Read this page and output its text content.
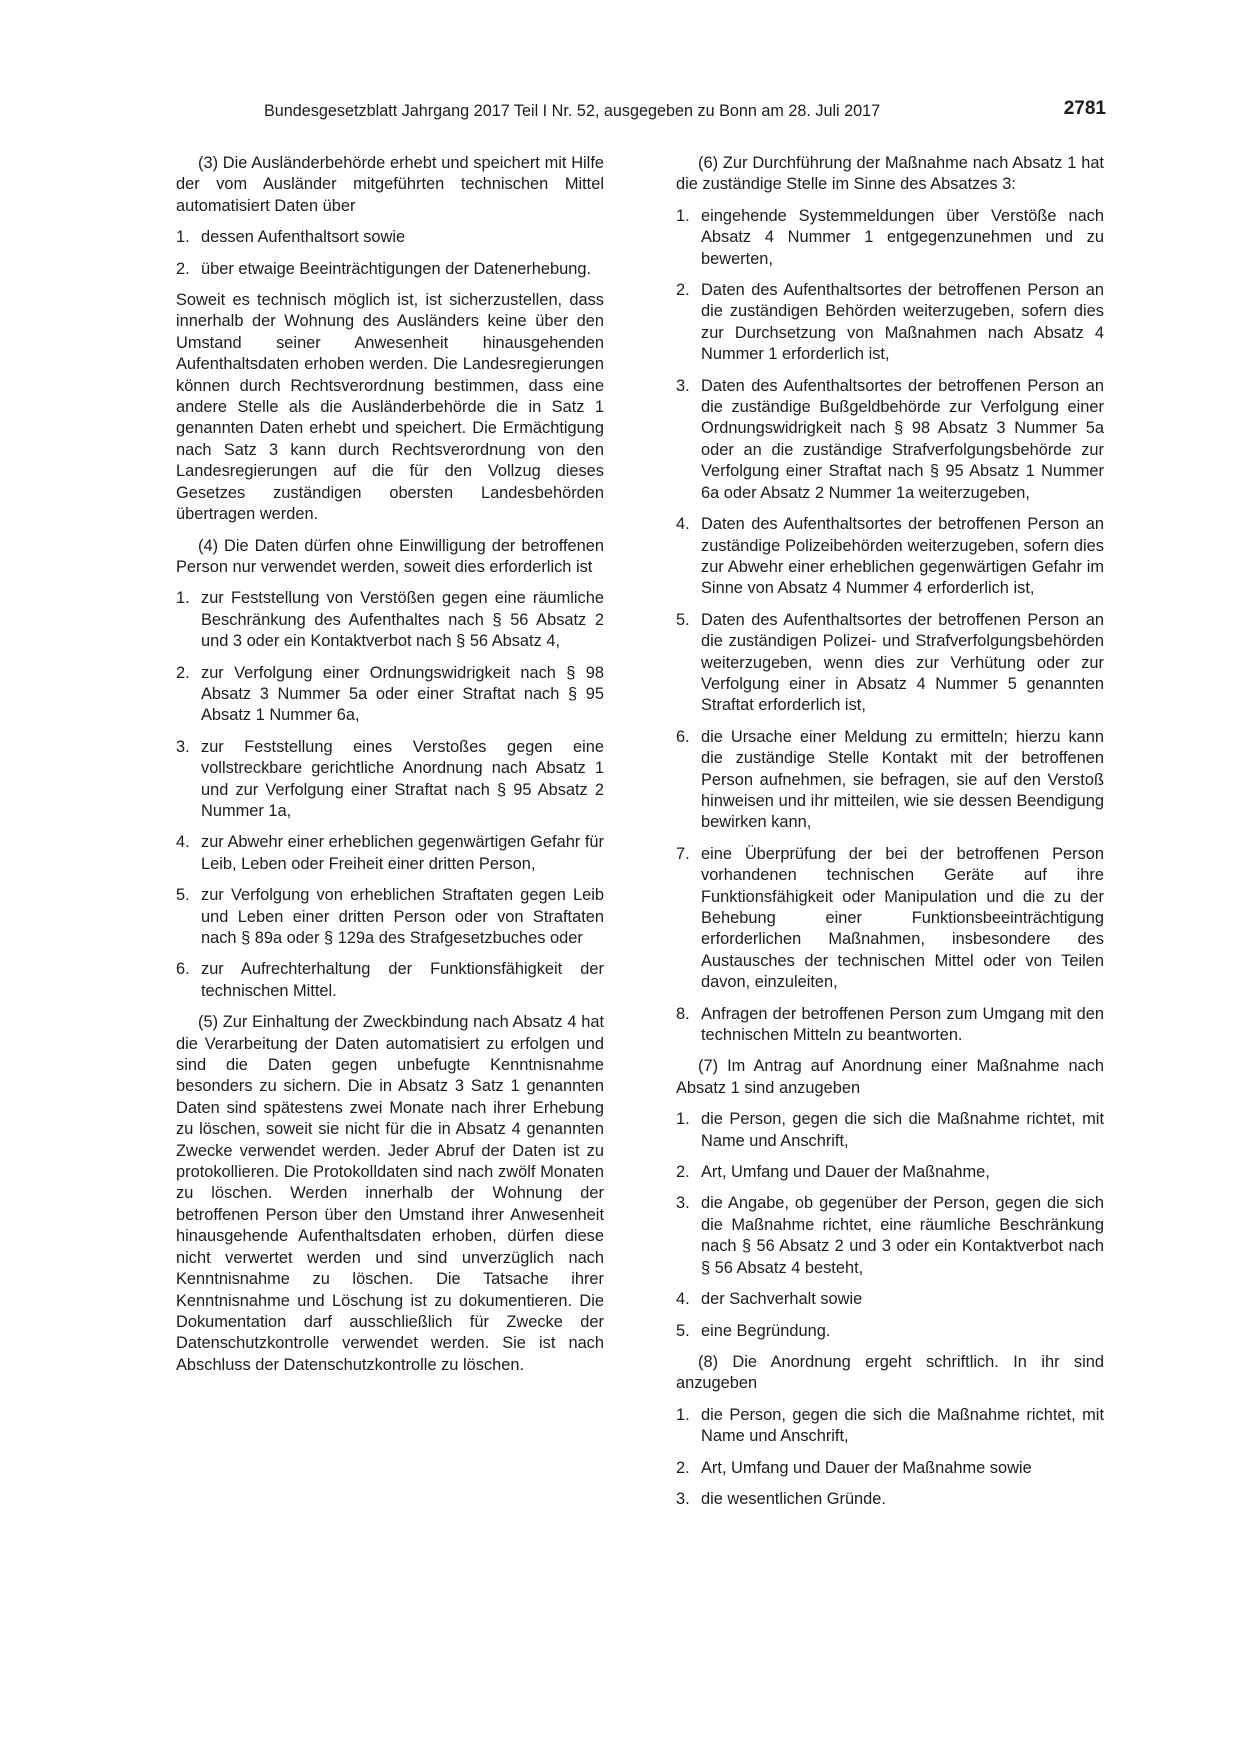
Bundesgesetzblatt Jahrgang 2017 Teil I Nr. 52, ausgegeben zu Bonn am 28. Juli 2017	2781

(3) Die Ausländerbehörde erhebt und speichert mit Hilfe der vom Ausländer mitgeführten technischen Mittel automatisiert Daten über

1. dessen Aufenthaltsort sowie
2. über etwaige Beeinträchtigungen der Datenerhebung.

Soweit es technisch möglich ist, ist sicherzustellen, dass innerhalb der Wohnung des Ausländers keine über den Umstand seiner Anwesenheit hinausgehenden Aufenthaltsdaten erhoben werden. Die Landesregierungen können durch Rechtsverordnung bestimmen, dass eine andere Stelle als die Ausländerbehörde die in Satz 1 genannten Daten erhebt und speichert. Die Ermächtigung nach Satz 3 kann durch Rechtsverordnung von den Landesregierungen auf die für den Vollzug dieses Gesetzes zuständigen obersten Landesbehörden übertragen werden.

(4) Die Daten dürfen ohne Einwilligung der betroffenen Person nur verwendet werden, soweit dies erforderlich ist

1. zur Feststellung von Verstößen gegen eine räumliche Beschränkung des Aufenthaltes nach § 56 Absatz 2 und 3 oder ein Kontaktverbot nach § 56 Absatz 4,
2. zur Verfolgung einer Ordnungswidrigkeit nach § 98 Absatz 3 Nummer 5a oder einer Straftat nach § 95 Absatz 1 Nummer 6a,
3. zur Feststellung eines Verstoßes gegen eine vollstreckbare gerichtliche Anordnung nach Absatz 1 und zur Verfolgung einer Straftat nach § 95 Absatz 2 Nummer 1a,
4. zur Abwehr einer erheblichen gegenwärtigen Gefahr für Leib, Leben oder Freiheit einer dritten Person,
5. zur Verfolgung von erheblichen Straftaten gegen Leib und Leben einer dritten Person oder von Straftaten nach § 89a oder § 129a des Strafgesetzbuches oder
6. zur Aufrechterhaltung der Funktionsfähigkeit der technischen Mittel.

(5) Zur Einhaltung der Zweckbindung nach Absatz 4 hat die Verarbeitung der Daten automatisiert zu erfolgen und sind die Daten gegen unbefugte Kenntnisnahme besonders zu sichern. Die in Absatz 3 Satz 1 genannten Daten sind spätestens zwei Monate nach ihrer Erhebung zu löschen, soweit sie nicht für die in Absatz 4 genannten Zwecke verwendet werden. Jeder Abruf der Daten ist zu protokollieren. Die Protokolldaten sind nach zwölf Monaten zu löschen. Werden innerhalb der Wohnung der betroffenen Person über den Umstand ihrer Anwesenheit hinausgehende Aufenthaltsdaten erhoben, dürfen diese nicht verwertet werden und sind unverzüglich nach Kenntnisnahme zu löschen. Die Tatsache ihrer Kenntnisnahme und Löschung ist zu dokumentieren. Die Dokumentation darf ausschließlich für Zwecke der Datenschutzkontrolle verwendet werden. Sie ist nach Abschluss der Datenschutzkontrolle zu löschen.

(6) Zur Durchführung der Maßnahme nach Absatz 1 hat die zuständige Stelle im Sinne des Absatzes 3:

1. eingehende Systemmeldungen über Verstöße nach Absatz 4 Nummer 1 entgegenzunehmen und zu bewerten,
2. Daten des Aufenthaltsortes der betroffenen Person an die zuständigen Behörden weiterzugeben, sofern dies zur Durchsetzung von Maßnahmen nach Absatz 4 Nummer 1 erforderlich ist,
3. Daten des Aufenthaltsortes der betroffenen Person an die zuständige Bußgeldbehörde zur Verfolgung einer Ordnungswidrigkeit nach § 98 Absatz 3 Nummer 5a oder an die zuständige Strafverfolgungsbehörde zur Verfolgung einer Straftat nach § 95 Absatz 1 Nummer 6a oder Absatz 2 Nummer 1a weiterzugeben,
4. Daten des Aufenthaltsortes der betroffenen Person an zuständige Polizeibehörden weiterzugeben, sofern dies zur Abwehr einer erheblichen gegenwärtigen Gefahr im Sinne von Absatz 4 Nummer 4 erforderlich ist,
5. Daten des Aufenthaltsortes der betroffenen Person an die zuständigen Polizei- und Strafverfolgungsbehörden weiterzugeben, wenn dies zur Verhütung oder zur Verfolgung einer in Absatz 4 Nummer 5 genannten Straftat erforderlich ist,
6. die Ursache einer Meldung zu ermitteln; hierzu kann die zuständige Stelle Kontakt mit der betroffenen Person aufnehmen, sie befragen, sie auf den Verstoß hinweisen und ihr mitteilen, wie sie dessen Beendigung bewirken kann,
7. eine Überprüfung der bei der betroffenen Person vorhandenen technischen Geräte auf ihre Funktionsfähigkeit oder Manipulation und die zu der Behebung einer Funktionsbeeinträchtigung erforderlichen Maßnahmen, insbesondere des Austausches der technischen Mittel oder von Teilen davon, einzuleiten,
8. Anfragen der betroffenen Person zum Umgang mit den technischen Mitteln zu beantworten.

(7) Im Antrag auf Anordnung einer Maßnahme nach Absatz 1 sind anzugeben

1. die Person, gegen die sich die Maßnahme richtet, mit Name und Anschrift,
2. Art, Umfang und Dauer der Maßnahme,
3. die Angabe, ob gegenüber der Person, gegen die sich die Maßnahme richtet, eine räumliche Beschränkung nach § 56 Absatz 2 und 3 oder ein Kontaktverbot nach § 56 Absatz 4 besteht,
4. der Sachverhalt sowie
5. eine Begründung.

(8) Die Anordnung ergeht schriftlich. In ihr sind anzugeben

1. die Person, gegen die sich die Maßnahme richtet, mit Name und Anschrift,
2. Art, Umfang und Dauer der Maßnahme sowie
3. die wesentlichen Gründe.
